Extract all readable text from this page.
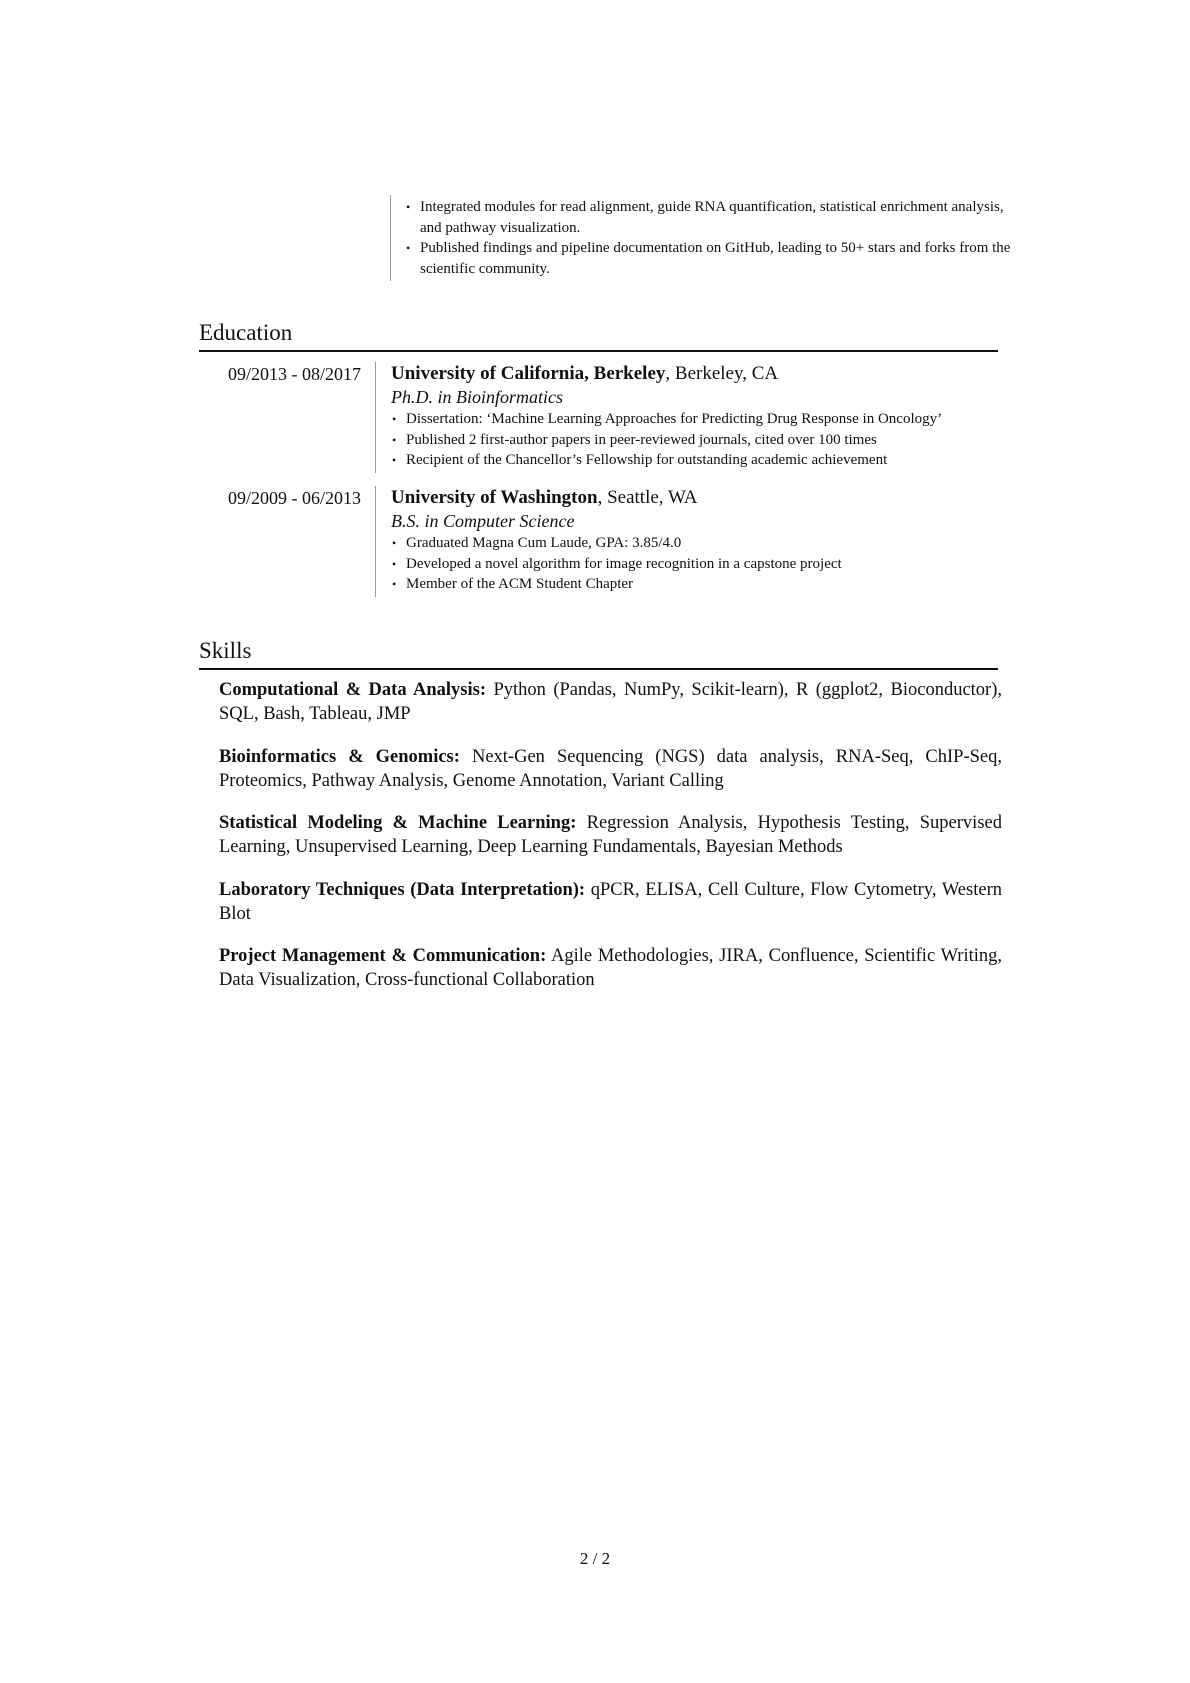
• Integrated modules for read alignment, guide RNA quantification, statistical enrichment analysis, and pathway visualization.
• Published findings and pipeline documentation on GitHub, leading to 50+ stars and forks from the scientific community.
Education
09/2013 - 08/2017	University of California, Berkeley, Berkeley, CA
Ph.D. in Bioinformatics
• Dissertation: ‘Machine Learning Approaches for Predicting Drug Response in Oncology’
• Published 2 first-author papers in peer-reviewed journals, cited over 100 times
• Recipient of the Chancellor’s Fellowship for outstanding academic achievement
09/2009 - 06/2013	University of Washington, Seattle, WA
B.S. in Computer Science
• Graduated Magna Cum Laude, GPA: 3.85/4.0
• Developed a novel algorithm for image recognition in a capstone project
• Member of the ACM Student Chapter
Skills

Computational & Data Analysis: Python (Pandas, NumPy, Scikit-learn), R (ggplot2, Bioconductor), SQL, Bash, Tableau, JMP

Bioinformatics & Genomics: Next-Gen Sequencing (NGS) data analysis, RNA-Seq, ChIP-Seq, Proteomics, Pathway Analysis, Genome Annotation, Variant Calling

Statistical Modeling & Machine Learning: Regression Analysis, Hypothesis Testing, Supervised Learning, Unsupervised Learning, Deep Learning Fundamentals, Bayesian Methods

Laboratory Techniques (Data Interpretation): qPCR, ELISA, Cell Culture, Flow Cytometry, Western Blot

Project Management & Communication: Agile Methodologies, JIRA, Confluence, Scientific Writing, Data Visualization, Cross-functional Collaboration

2 / 2
